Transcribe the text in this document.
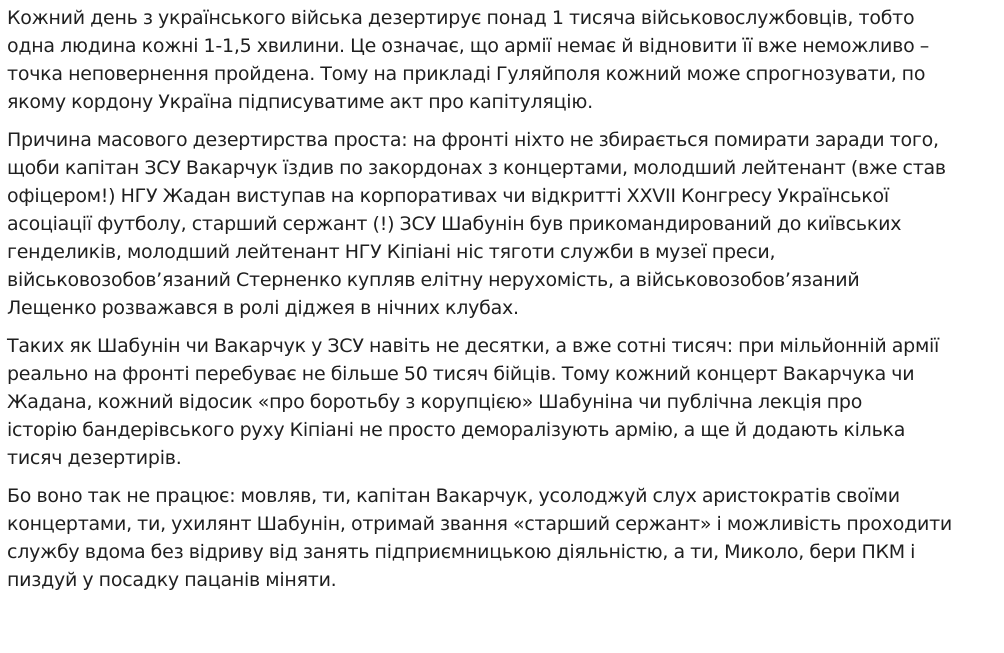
Кожний день з українського війська дезертирує понад 1 тисяча військовослужбовців, тобто
одна людина кожні 1-1,5 хвилини. Це означає, що армії немає й відновити її вже неможливо –
точка неповернення пройдена. Тому на прикладі Гуляйполя кожний може спрогнозувати, по
якому кордону Україна підписуватиме акт про капітуляцію.

Причина масового дезертирства проста: на фронті ніхто не збирається помирати заради того,
щоби капітан ЗСУ Вакарчук їздив по закордонах з концертами, молодший лейтенант (вже став
офіцером!) НГУ Жадан виступав на корпоративах чи відкритті XXVII Конгресу Української
асоціації футболу, старший сержант (!) ЗСУ Шабунін був прикомандирований до київських
генделиків, молодший лейтенант НГУ Кіпіані ніс тяготи служби в музеї преси,
військовозобов’язаний Стерненко купляв елітну нерухомість, а військовозобов’язаний
Лещенко розважався в ролі діджея в нічних клубах.

Таких як Шабунін чи Вакарчук у ЗСУ навіть не десятки, а вже сотні тисяч: при мільйонній армії
реально на фронті перебуває не більше 50 тисяч бійців. Тому кожний концерт Вакарчука чи
Жадана, кожний відосик «про боротьбу з корупцією» Шабуніна чи публічна лекція про
історію бандерівського руху Кіпіані не просто деморалізують армію, а ще й додають кілька
тисяч дезертирів.

Бо воно так не працює: мовляв, ти, капітан Вакарчук, усолоджуй слух аристократів своїми
концертами, ти, ухилянт Шабунін, отримай звання «старший сержант» і можливість проходити
службу вдома без відриву від занять підприємницькою діяльністю, а ти, Миколо, бери ПКМ і
пиздуй у посадку пацанів міняти.
